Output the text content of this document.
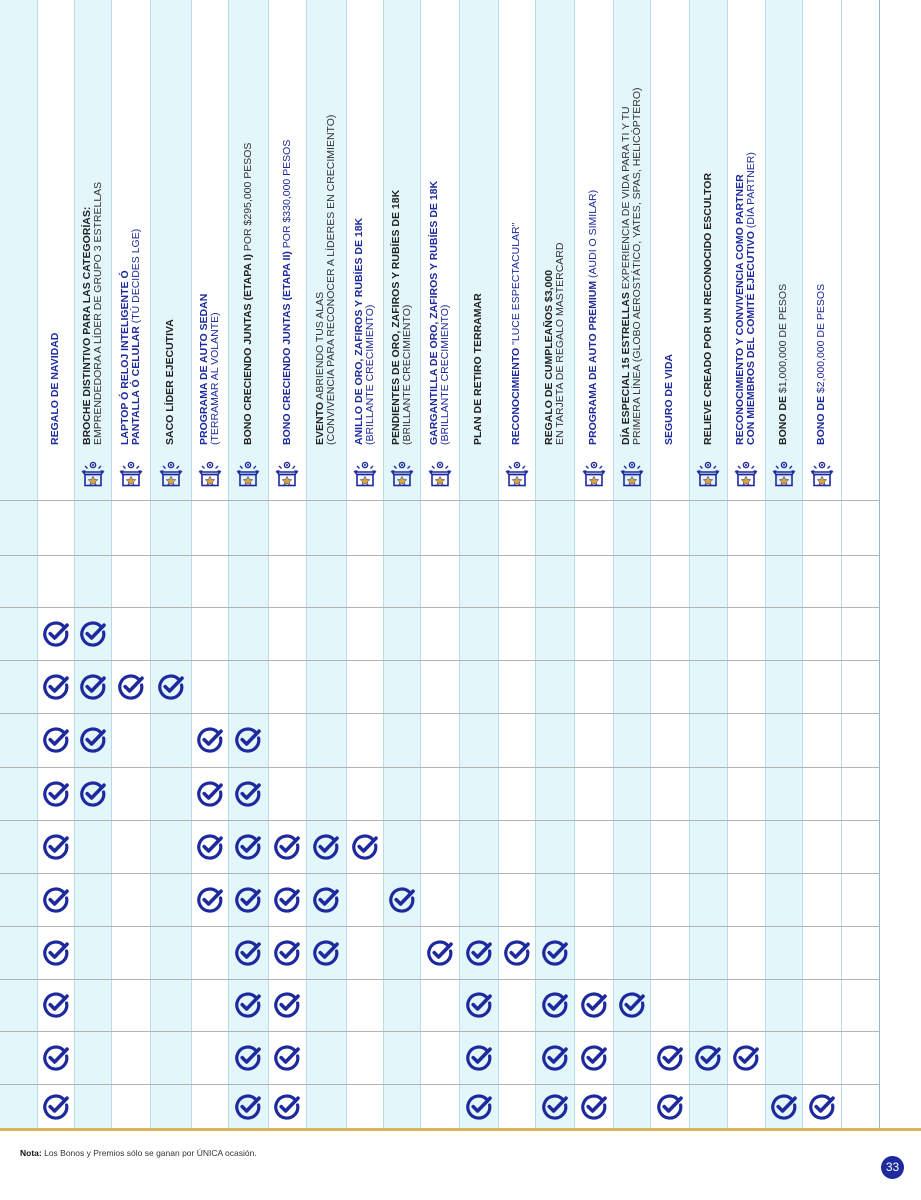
REGALO DE NAVIDAD BROCHE DISTINTIVO PARA LAS CATEGORÍAS: EMPRENDEDORA A LÍDER DE GRUPO 3 ESTRELLAS LAPTOP Ó RELOJ INTELIGENTE Ó PANTALLA Ó CELULAR (TÚ DECIDES LGE)
SACO LÍDER EJECUTIVA PROGRAMA DE AUTO SEDAN (TERRAMAR AL VOLANTE) BONO CRECIENDO JUNTAS (ETAPA I) POR $295,000 PESOS
BONO CRECIENDO JUNTAS (ETAPA II) POR $330,000 PESOS
EVENTO ABRIENDO TUS ALAS (CONVIVENCIA PARA RECONOCER A LÍDERES EN CRECIMIENTO) ANILLO DE ORO, ZAFIROS Y RUBÍES DE 18K (BRILLANTE CRECIMIENTO) PENDIENTES DE ORO, ZAFIROS Y RUBÍES DE 18K (BRILLANTE CRECIMIENTO) GARGANTILLA DE ORO, ZAFIROS Y RUBÍES DE 18K (BRILLANTE CRECIMIENTO) PLAN DE RETIRO TERRAMAR RECONOCIMIENTO "LUCE ESPECTACULAR" REGALO DE CUMPLEAÑOS $3,000 EN TARJETA DE REGALO MASTERCARD PROGRAMA DE AUTO PREMIUM (AUDI O SIMILAR)
DÍA ESPECIAL 15 ESTRELLAS EXPERIENCIA DE VIDA PARA TI Y TU PRIMERA LÍNEA (GLOBO AEROSTÁTICO, YATES, SPAS, HELICÓPTERO) SEGURO DE VIDA	RELIEVE CREADO POR UN RECONOCIDO ESCULTOR RECONOCIMIENTO Y CONVIVENCIA COMO PARTNER CON MIEMBROS DEL COMITÉ EJECUTIVO (DÍA PARTNER)
BONO DE $1,000,000 DE PESOS
BONO DE $2,000,000 DE PESOS
Nota: Los Bonos y Premios sólo se ganan por ÚNICA ocasión.
33
